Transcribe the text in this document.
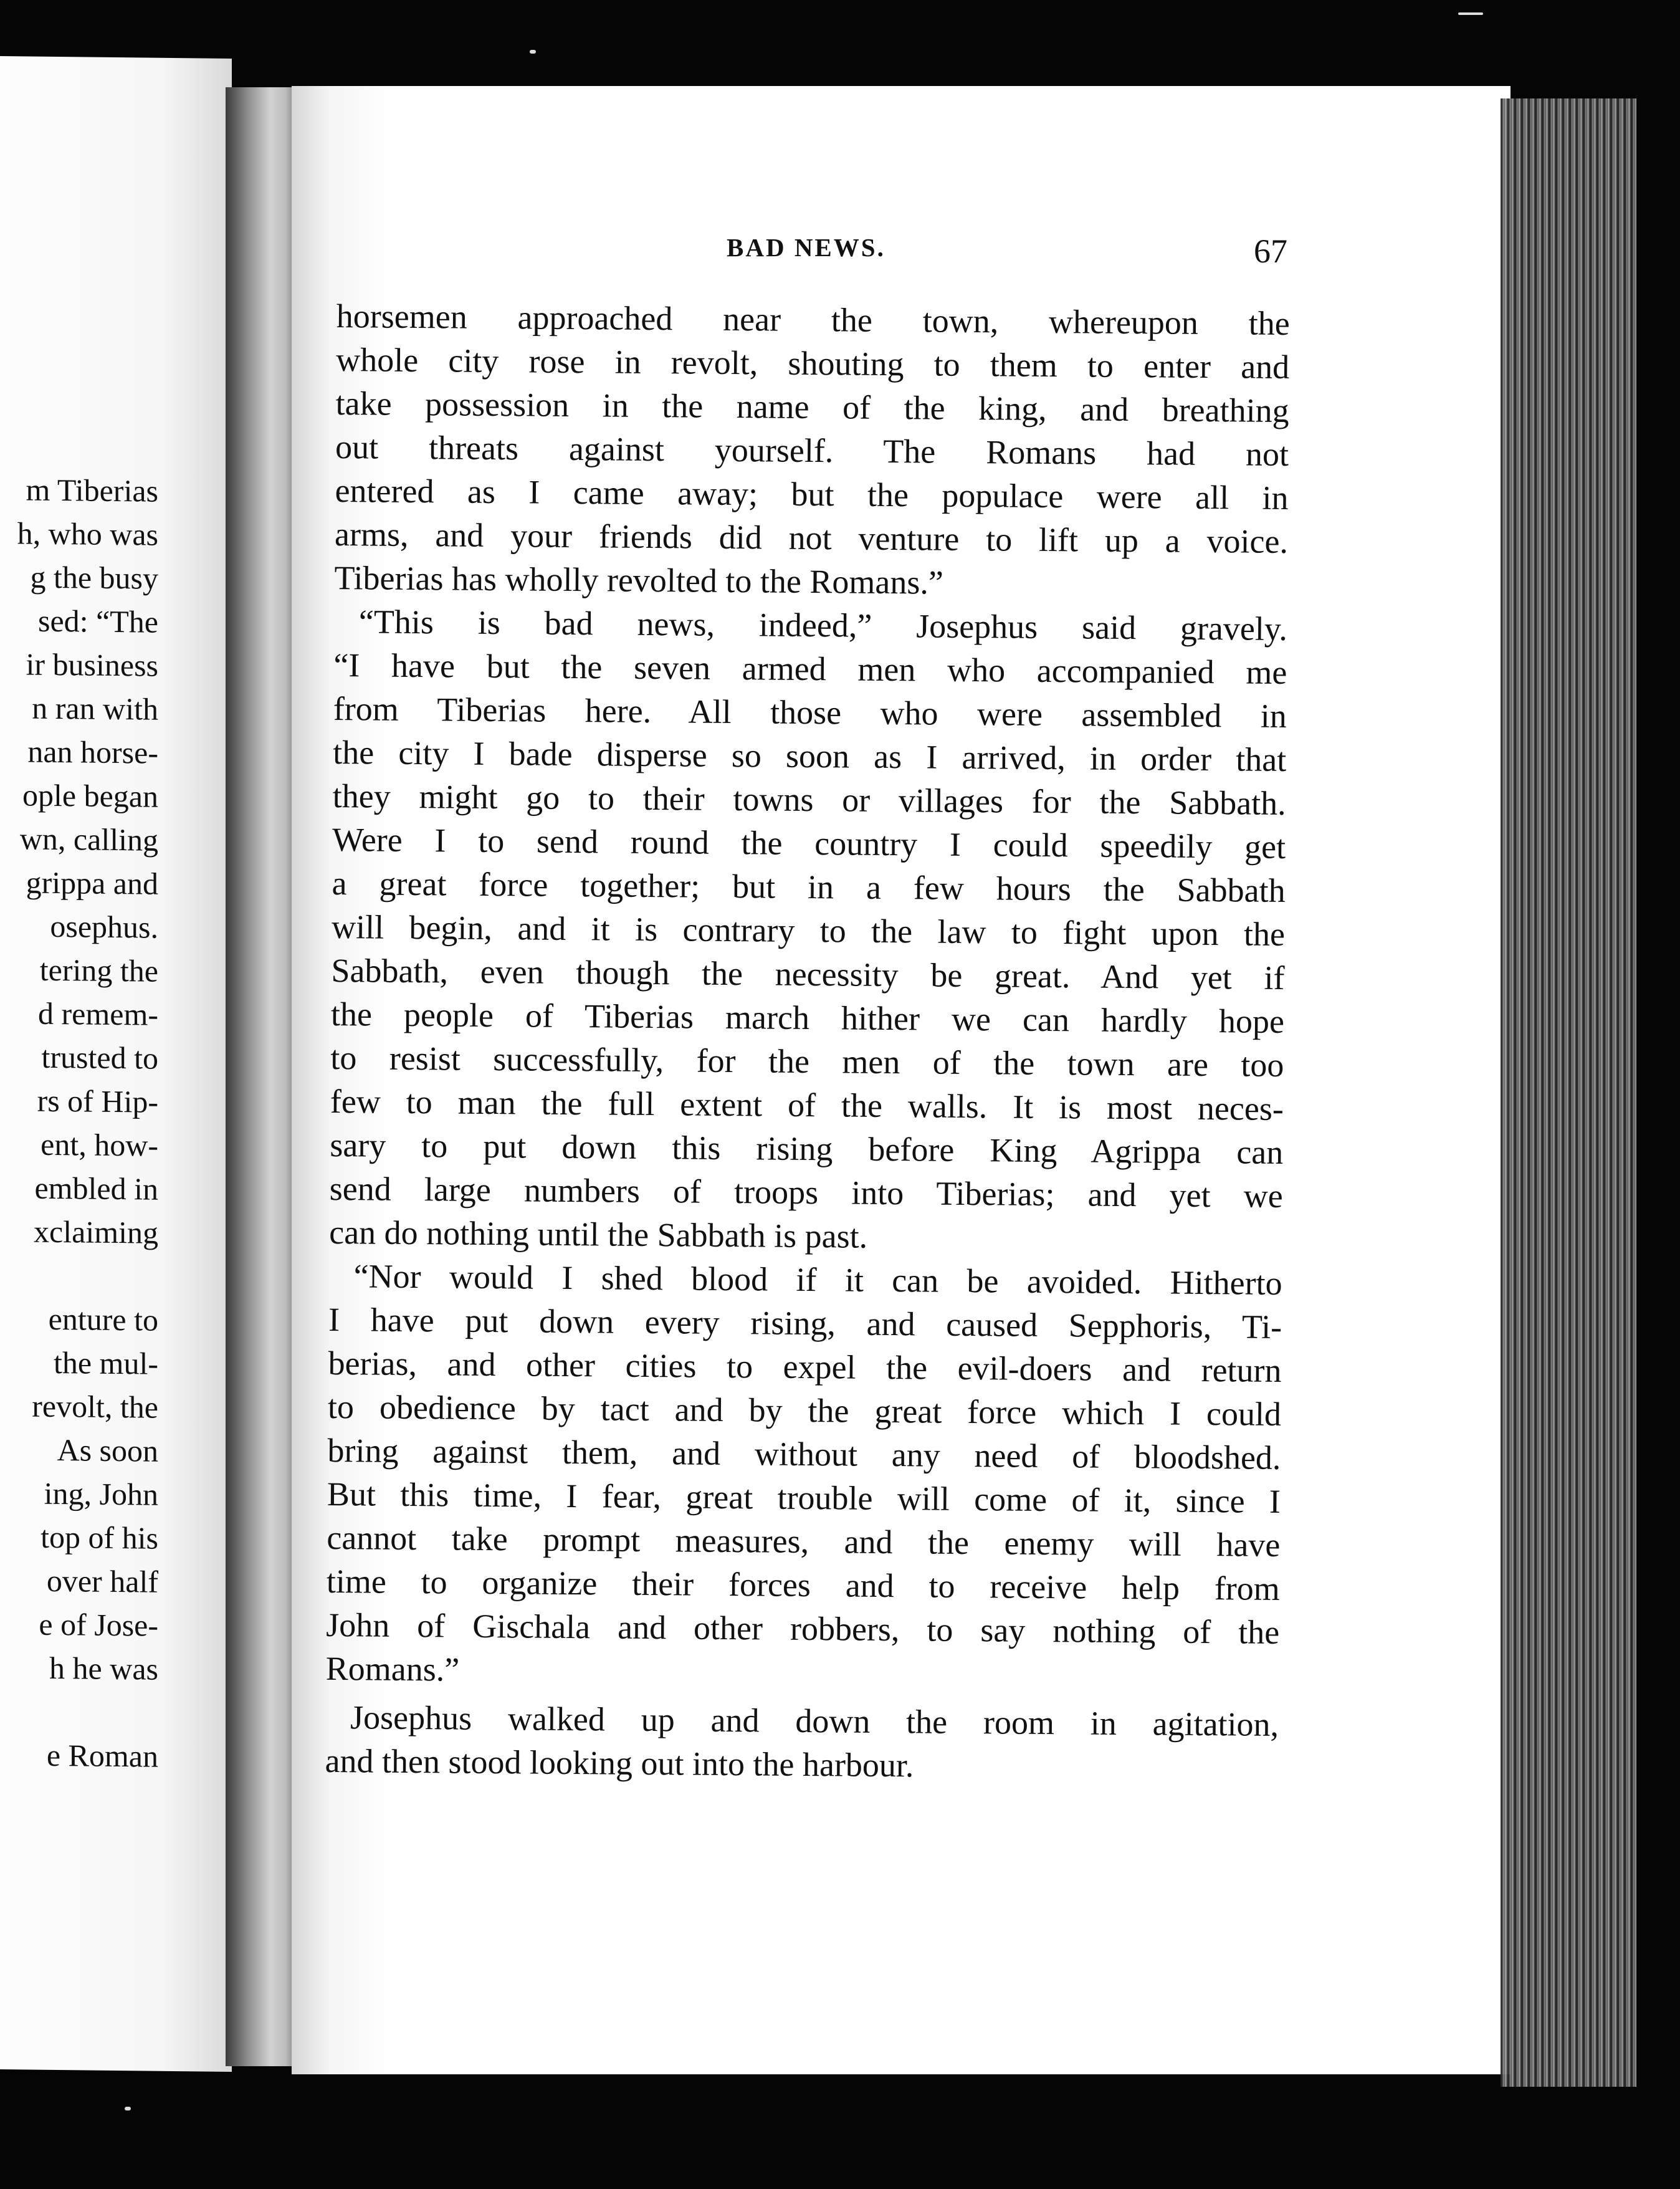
m Tiberias
h, who was
g the busy
sed: “The
ir business
n ran with
nan horse-
ople began
wn, calling
grippa and
osephus.
tering the
d remem-
trusted to
rs of Hip-
ent, how-
embled in
xclaiming
enture to
the mul-
revolt, the
As soon
ing, John
top of his
over half
e of Jose-
h he was
e Roman
BAD NEWS.	67
horsemen approached near the town, whereupon the
whole city rose in revolt, shouting to them to enter and
take possession in the name of the king, and breathing
out threats against yourself. The Romans had not
entered as I came away; but the populace were all in
arms, and your friends did not venture to lift up a voice.
Tiberias has wholly revolted to the Romans.”
“This is bad news, indeed,” Josephus said gravely.
“I have but the seven armed men who accompanied me
from Tiberias here. All those who were assembled in
the city I bade disperse so soon as I arrived, in order that
they might go to their towns or villages for the Sabbath.
Were I to send round the country I could speedily get
a great force together; but in a few hours the Sabbath
will begin, and it is contrary to the law to fight upon the
Sabbath, even though the necessity be great. And yet if
the people of Tiberias march hither we can hardly hope
to resist successfully, for the men of the town are too
few to man the full extent of the walls. It is most neces-
sary to put down this rising before King Agrippa can
send large numbers of troops into Tiberias; and yet we
can do nothing until the Sabbath is past.
“Nor would I shed blood if it can be avoided. Hitherto
I have put down every rising, and caused Sepphoris, Ti-
berias, and other cities to expel the evil-doers and return
to obedience by tact and by the great force which I could
bring against them, and without any need of bloodshed.
But this time, I fear, great trouble will come of it, since I
cannot take prompt measures, and the enemy will have
time to organize their forces and to receive help from
John of Gischala and other robbers, to say nothing of the
Romans.”
Josephus walked up and down the room in agitation,
and then stood looking out into the harbour.
